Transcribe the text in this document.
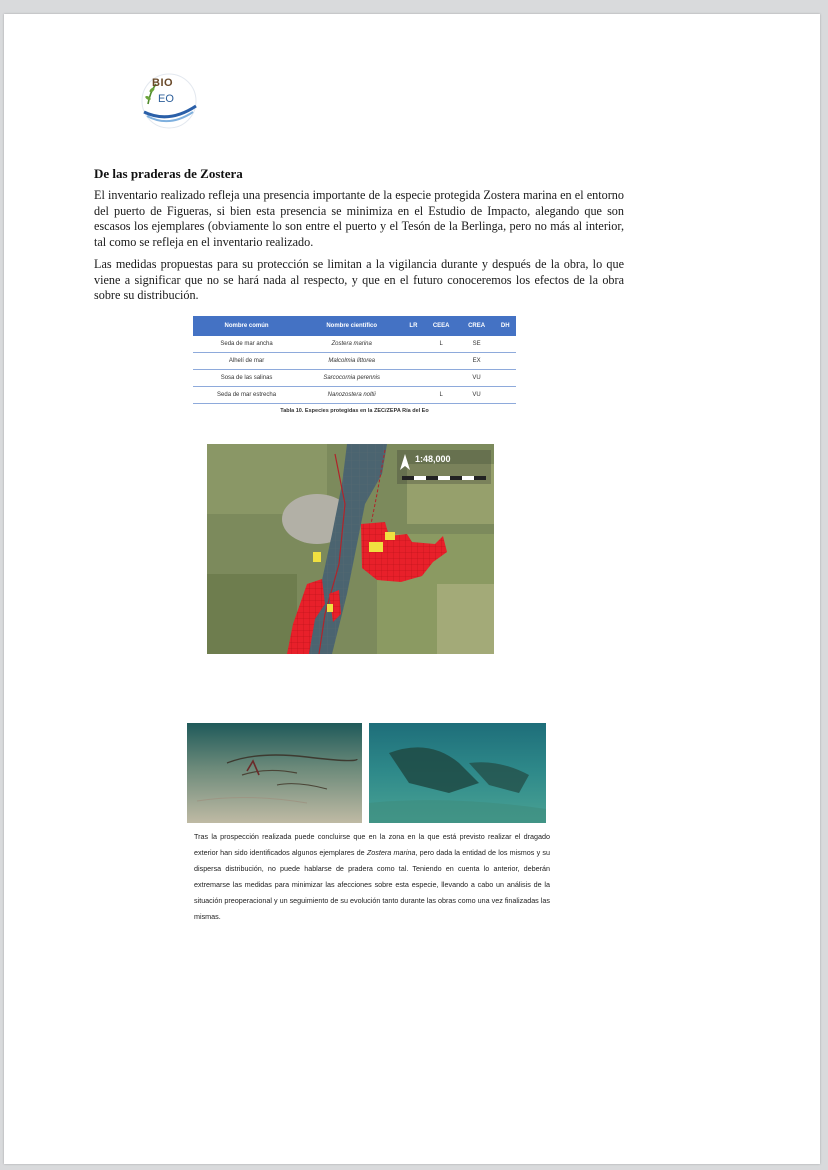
BIO
EO
De las praderas de Zostera
El inventario realizado refleja una presencia importante de la especie protegida Zostera marina en el entorno del puerto de Figueras, si bien esta presencia se minimiza en el Estudio de Impacto, alegando que son escasos los ejemplares (obviamente lo son entre el puerto y el Tesón de la Berlinga, pero no más al interior, tal como se refleja en el inventario realizado.
Las medidas propuestas para su protección se limitan a la vigilancia durante y después de la obra, lo que viene a significar que no se hará nada al respecto, y que en el futuro conoceremos los efectos de la obra sobre su distribución.
Nombre común	Nombre científico	LR	CEEA	CREA	DH
Seda de mar ancha	Zostera marina		L	SE	
Alhelí de mar	Malcolmia littorea			EX	
Sosa de las salinas	Sarcocornia perennis			VU	
Seda de mar estrecha	Nanozostera noltii		L	VU	
Tabla 10. Especies protegidas en la ZEC/ZEPA Ría del Eo
1:48,000
Tras la prospección realizada puede concluirse que en la zona en la que está previsto realizar el dragado exterior han sido identificados algunos ejemplares de Zostera marina, pero dada la entidad de los mismos y su dispersa distribución, no puede hablarse de pradera como tal. Teniendo en cuenta lo anterior, deberán extremarse las medidas para minimizar las afecciones sobre esta especie, llevando a cabo un análisis de la situación preoperacional y un seguimiento de su evolución tanto durante las obras como una vez finalizadas las mismas.
